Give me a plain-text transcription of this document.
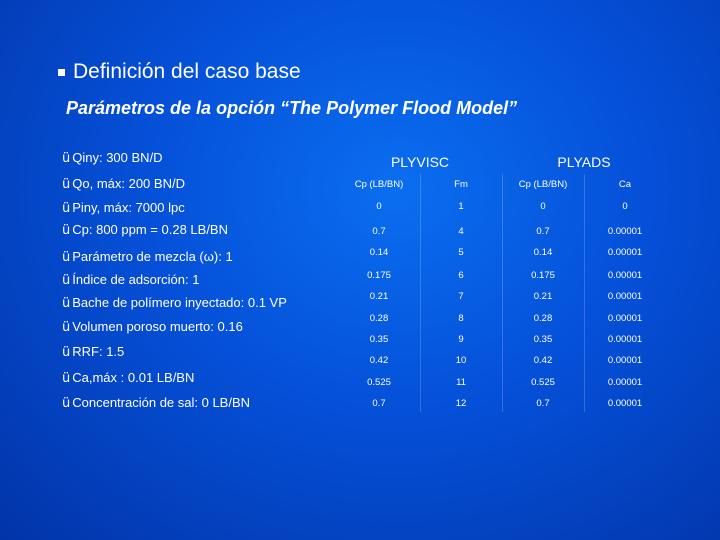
Definición del caso base
Parámetros de la opción “The Polymer Flood Model”
ü Qiny: 300 BN/D
ü Qo, máx: 200 BN/D
ü Piny, máx: 7000 lpc
ü Cp: 800 ppm = 0.28 LB/BN
ü Parámetro de mezcla (ω): 1
ü Índice de adsorción: 1
ü Bache de polímero inyectado: 0.1 VP
ü Volumen poroso muerto: 0.16
ü RRF: 1.5
ü Ca,máx : 0.01 LB/BN
ü Concentración de sal: 0 LB/BN
PLYVISC	PLYADS
Cp (LB/BN)	Fm	Cp (LB/BN)	Ca
0	1	0	0
0.7	4	0.7	0.00001
0.14	5	0.14	0.00001
0.175	6	0.175	0.00001
0.21	7	0.21	0.00001
0.28	8	0.28	0.00001
0.35	9	0.35	0.00001
0.42	10	0.42	0.00001
0.525	11	0.525	0.00001
0.7	12	0.7	0.00001
